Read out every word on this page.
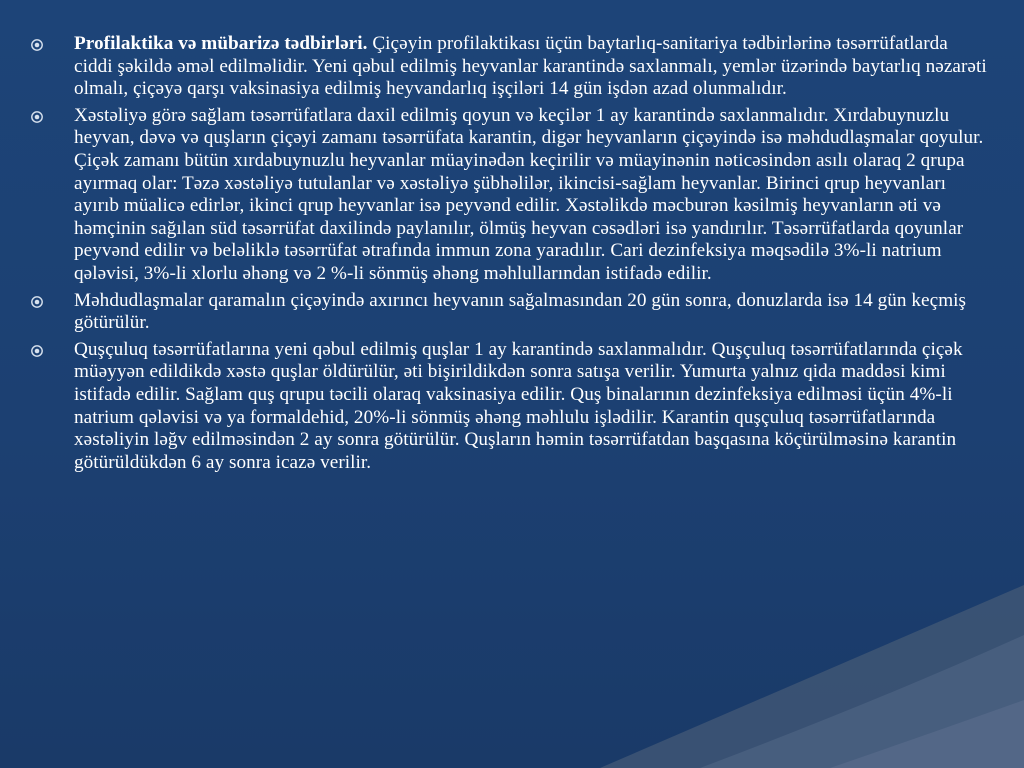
Profilaktika və mübarizə tədbirləri. Çiçəyin profilaktikası üçün baytarlıq-sanitariya tədbirlərinə təsərrüfatlarda ciddi şəkildə əməl edilməlidir. Yeni qəbul edilmiş heyvanlar karantində saxlanmalı, yemlər üzərində baytarlıq nəzarəti olmalı, çiçəyə qarşı vaksinasiya edilmiş heyvandarlıq işçiləri 14 gün işdən azad olunmalıdır.
Xəstəliyə görə sağlam təsərrüfatlara daxil edilmiş qoyun və keçilər 1 ay karantində saxlanmalıdır. Xırdabuynuzlu heyvan, dəvə və quşların çiçəyi zamanı təsərrüfata karantin, digər heyvanların çiçəyində isə məhdudlaşmalar qoyulur. Çiçək zamanı bütün xırdabuynuzlu heyvanlar müayinədən keçirilir və müayinənin nəticəsindən asılı olaraq 2 qrupa ayırmaq olar: Təzə xəstəliyə tutulanlar və xəstəliyə şübhəlilər, ikincisi-sağlam heyvanlar. Birinci qrup heyvanları ayırıb müalicə edirlər, ikinci qrup heyvanlar isə peyvənd edilir. Xəstəlikdə məcburən kəsilmiş heyvanların əti və həmçinin sağılan süd təsərrüfat daxilində paylanılır, ölmüş heyvan cəsədləri isə yandırılır. Təsərrüfatlarda qoyunlar peyvənd edilir və beləliklə təsərrüfat ətrafında immun zona yaradılır. Cari dezinfeksiya məqsədilə 3%-li natrium qələvisi, 3%-li xlorlu əhəng və 2 %-li sönmüş əhəng məhlullarından istifadə edilir.
Məhdudlaşmalar qaramalın çiçəyində axırıncı heyvanın sağalmasından 20 gün sonra, donuzlarda isə 14 gün keçmiş götürülür.
Quşçuluq təsərrüfatlarına yeni qəbul edilmiş quşlar 1 ay karantində saxlanmalıdır. Quşçuluq təsərrüfatlarında çiçək müəyyən edildikdə xəstə quşlar öldürülür, əti bişirildikdən sonra satışa verilir. Yumurta yalnız qida maddəsi kimi istifadə edilir. Sağlam quş qrupu təcili olaraq vaksinasiya edilir. Quş binalarının dezinfeksiya edilməsi üçün 4%-li natrium qələvisi və ya formaldehid, 20%-li sönmüş əhəng məhlulu işlədilir. Karantin quşçuluq təsərrüfatlarında xəstəliyin ləğv edilməsindən 2 ay sonra götürülür. Quşların həmin təsərrüfatdan başqasına köçürülməsinə karantin götürüldükdən 6 ay sonra icazə verilir.
